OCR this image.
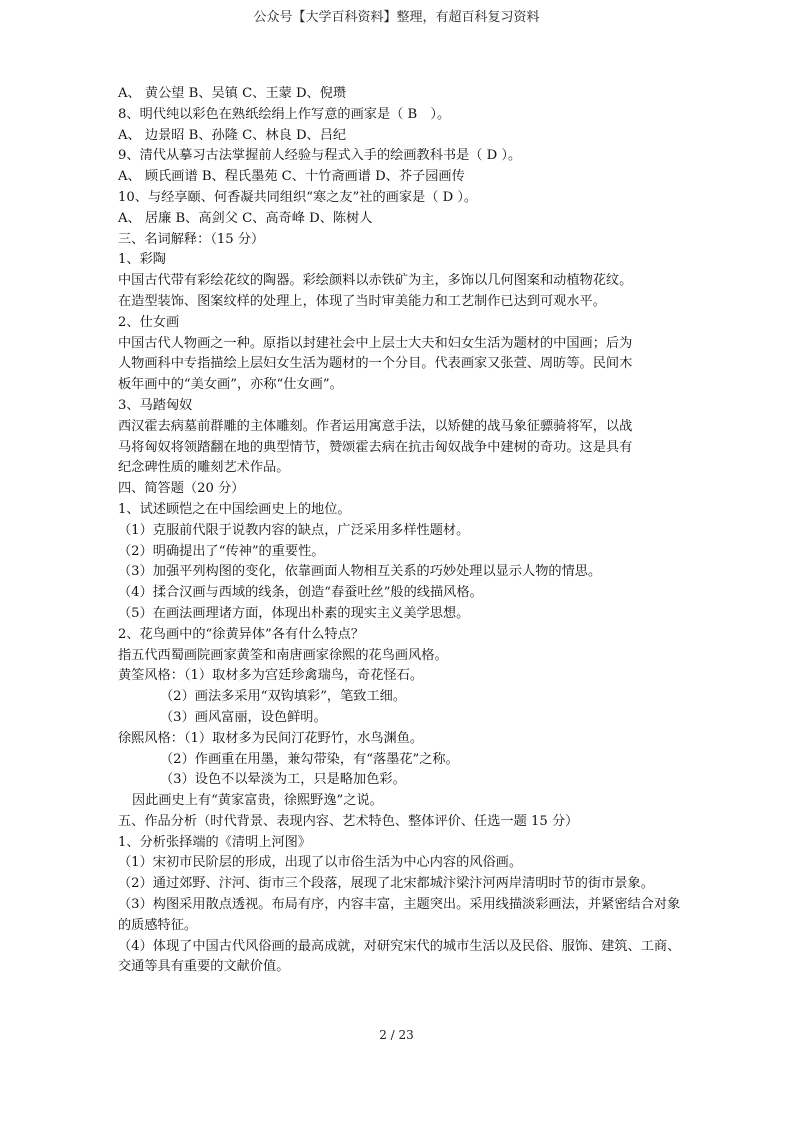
公众号【大学百科资料】整理，有超百科复习资料
A、 黄公望 B、吴镇 C、王蒙 D、倪瓒
8、明代纯以彩色在熟纸绘绢上作写意的画家是（ B　）。
A、 边景昭 B、孙隆 C、林良 D、吕纪
9、清代从摹习古法掌握前人经验与程式入手的绘画教科书是（ D ）。
A、 顾氏画谱 B、程氏墨苑 C、十竹斋画谱 D、芥子园画传
10、与经享颐、何香凝共同组织“寒之友”社的画家是（ D ）。
A、 居廉 B、高剑父 C、高奇峰 D、陈树人
三、名词解释：（15 分）
1、彩陶
中国古代带有彩绘花纹的陶器。彩绘颜料以赤铁矿为主，多饰以几何图案和动植物花纹。
在造型装饰、图案纹样的处理上，体现了当时审美能力和工艺制作已达到可观水平。
2、仕女画
中国古代人物画之一种。原指以封建社会中上层士大夫和妇女生活为题材的中国画；后为
人物画科中专指描绘上层妇女生活为题材的一个分目。代表画家又张萱、周昉等。民间木
板年画中的“美女画”，亦称“仕女画”。
3、马踏匈奴
西汉霍去病墓前群雕的主体雕刻。作者运用寓意手法，以矫健的战马象征骠骑将军，以战
马将匈奴将领踏翻在地的典型情节，赞颂霍去病在抗击匈奴战争中建树的奇功。这是具有
纪念碑性质的雕刻艺术作品。
四、简答题（20 分）
1、试述顾恺之在中国绘画史上的地位。
（1）克服前代限于说教内容的缺点，广泛采用多样性题材。
（2）明确提出了“传神”的重要性。
（3）加强平列构图的变化，依靠画面人物相互关系的巧妙处理以显示人物的情思。
（4）揉合汉画与西域的线条，创造“春蚕吐丝”般的线描风格。
（5）在画法画理诸方面，体现出朴素的现实主义美学思想。
2、花鸟画中的“徐黄异体”各有什么特点？
指五代西蜀画院画家黄筌和南唐画家徐熙的花鸟画风格。
黄筌风格：（1）取材多为宫廷珍禽瑞鸟，奇花怪石。
（2）画法多采用“双钩填彩”，笔致工细。
（3）画风富丽，设色鲜明。
徐熙风格：（1）取材多为民间汀花野竹，水鸟渊鱼。
（2）作画重在用墨，兼勾带染，有“落墨花”之称。
（3）设色不以晕淡为工，只是略加色彩。
因此画史上有“黄家富贵，徐熙野逸”之说。
五、作品分析（时代背景、表现内容、艺术特色、整体评价、任选一题 15 分）
1、分析张择端的《清明上河图》
（1）宋初市民阶层的形成，出现了以市俗生活为中心内容的风俗画。
（2）通过郊野、汴河、街市三个段落，展现了北宋都城汴梁汴河两岸清明时节的街市景象。
（3）构图采用散点透视。布局有序，内容丰富，主题突出。采用线描淡彩画法，并紧密结合对象的质感特征。
（4）体现了中国古代风俗画的最高成就，对研究宋代的城市生活以及民俗、服饰、建筑、工商、交通等具有重要的文献价值。
2 / 23
